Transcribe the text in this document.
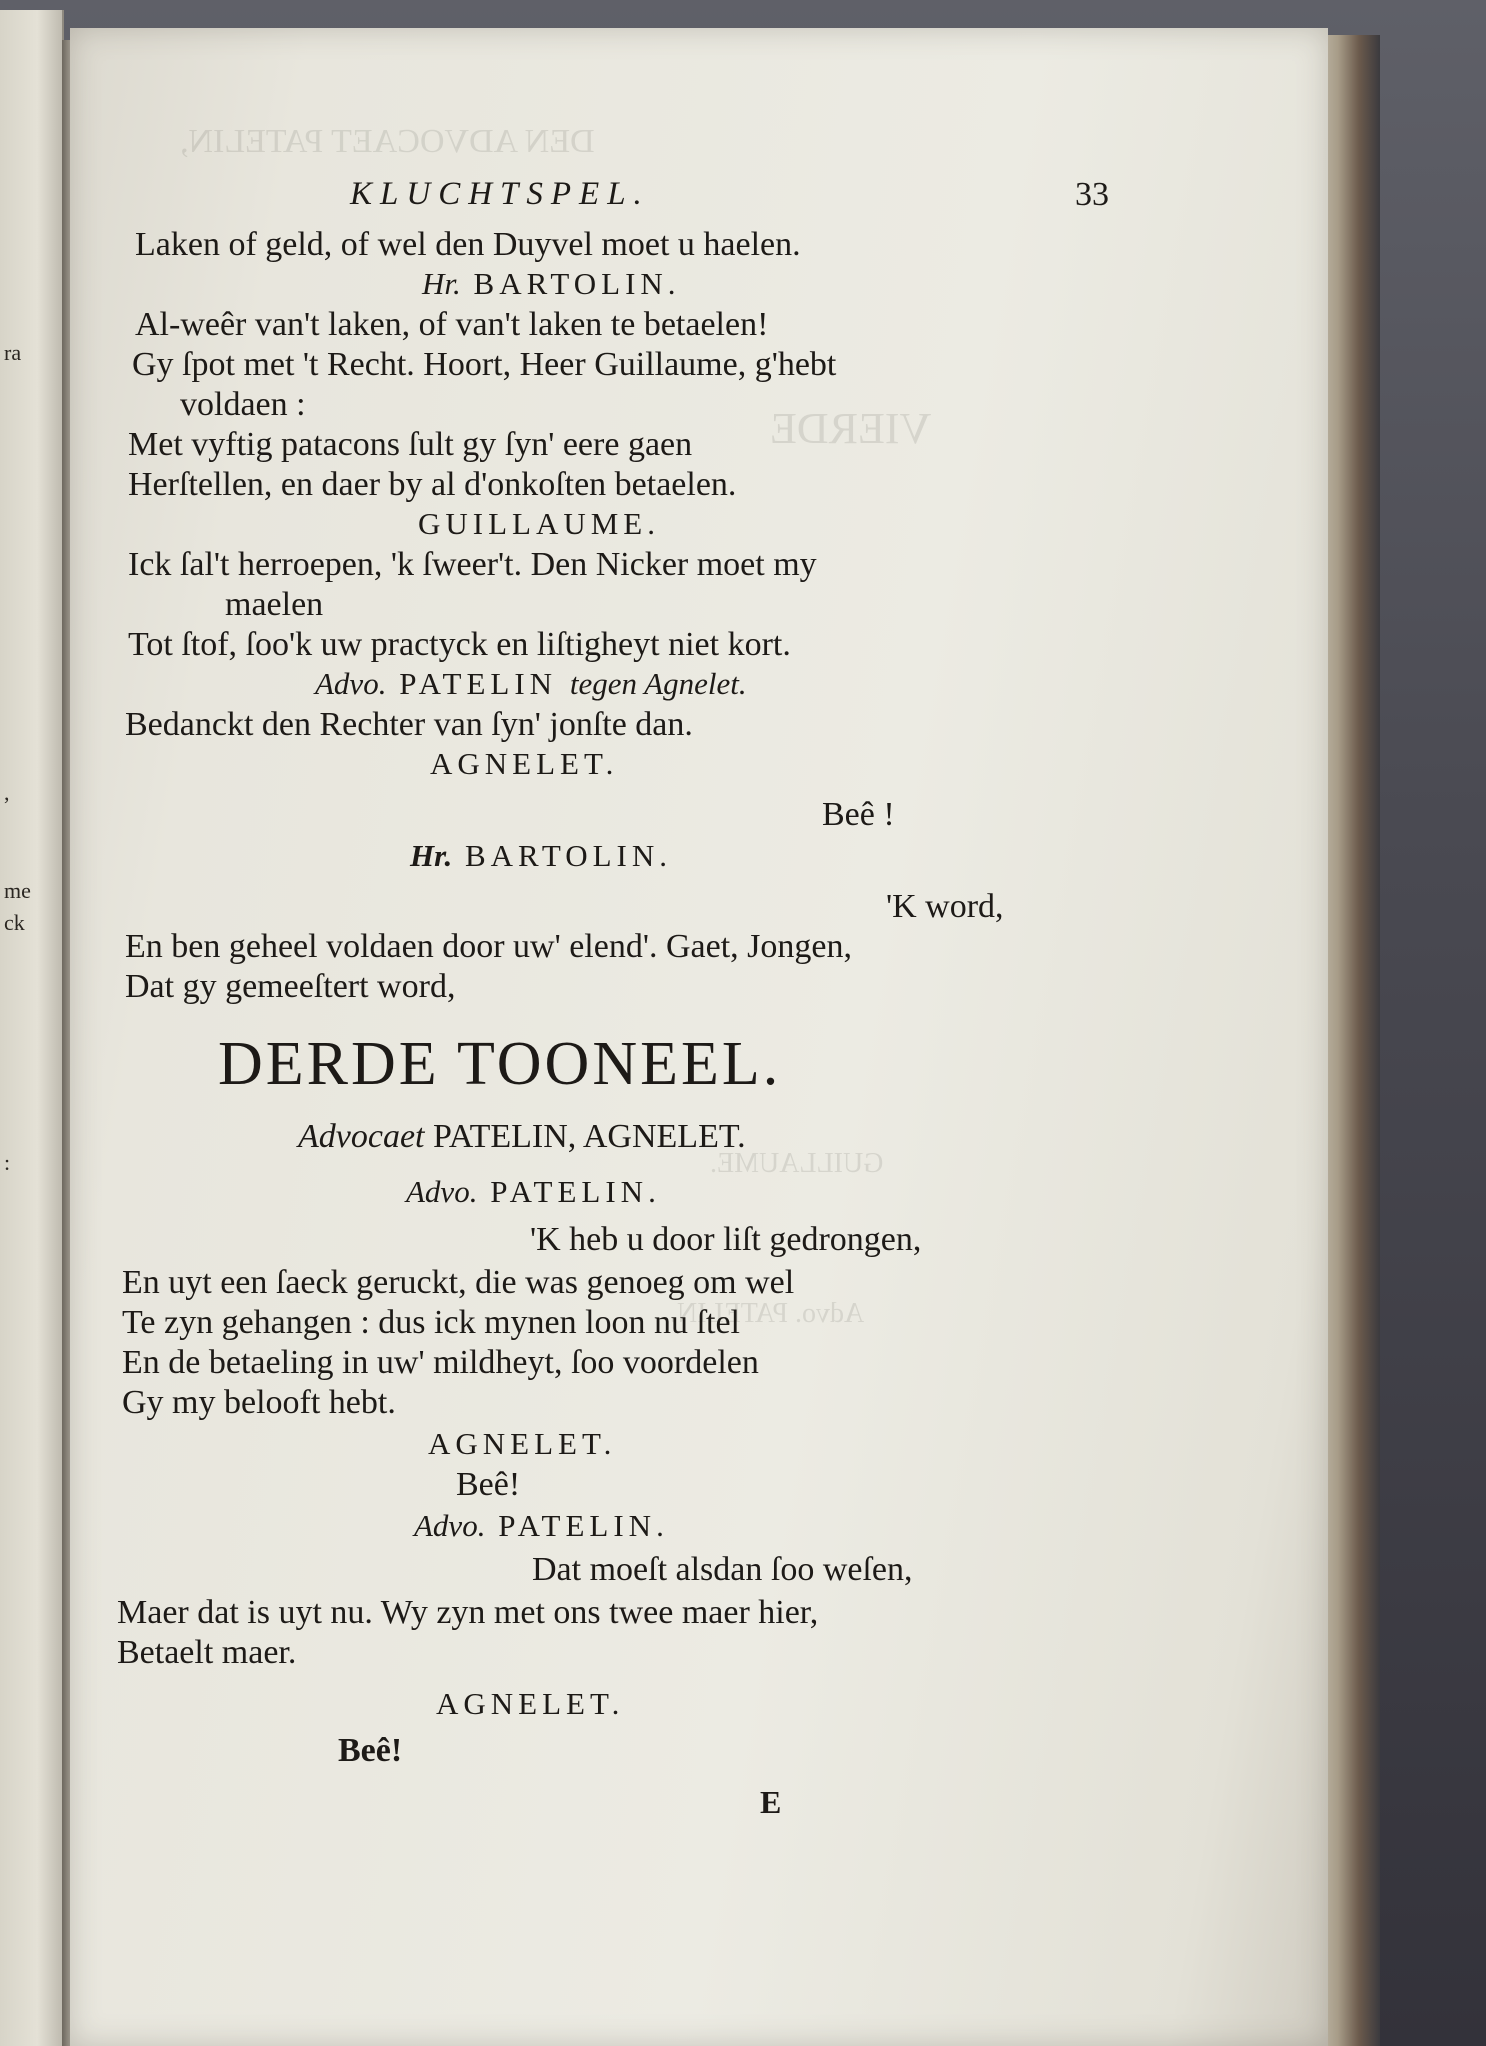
ra
,
me
ck
:
DEN ADVOCAET PATELIN,
VIERDE
GUILLAUME.
Advo. PATELIN.
KLUCHTSPEL.	33
Laken of geld, of wel den Duyvel moet u haelen.
Hr. BARTOLIN.
Al-weêr van't laken, of van't laken te betaelen!
Gy ſpot met 't Recht. Hoort, Heer Guillaume, g'hebt
voldaen :
Met vyftig patacons ſult gy ſyn' eere gaen
Herſtellen, en daer by al d'onkoſten betaelen.
GUILLAUME.
Ick ſal't herroepen, 'k ſweer't. Den Nicker moet my
maelen
Tot ſtof, ſoo'k uw practyck en liſtigheyt niet kort.
Advo. PATELIN tegen Agnelet.
Bedanckt den Rechter van ſyn' jonſte dan.
AGNELET.
Beê !
Hr. BARTOLIN.
'K word,
En ben geheel voldaen door uw' elend'. Gaet, Jongen,
Dat gy gemeeſtert word,
DERDE TOONEEL.
Advocaet PATELIN, AGNELET.
Advo. PATELIN.
'K heb u door liſt gedrongen,
En uyt een ſaeck geruckt, die was genoeg om wel
Te zyn gehangen : dus ick mynen loon nu ſtel
En de betaeling in uw' mildheyt, ſoo voordelen
Gy my belooft hebt.
AGNELET.
Beê!
Advo. PATELIN.
Dat moeſt alsdan ſoo weſen,
Maer dat is uyt nu. Wy zyn met ons twee maer hier,
Betaelt maer.
AGNELET.
Beê!
E
